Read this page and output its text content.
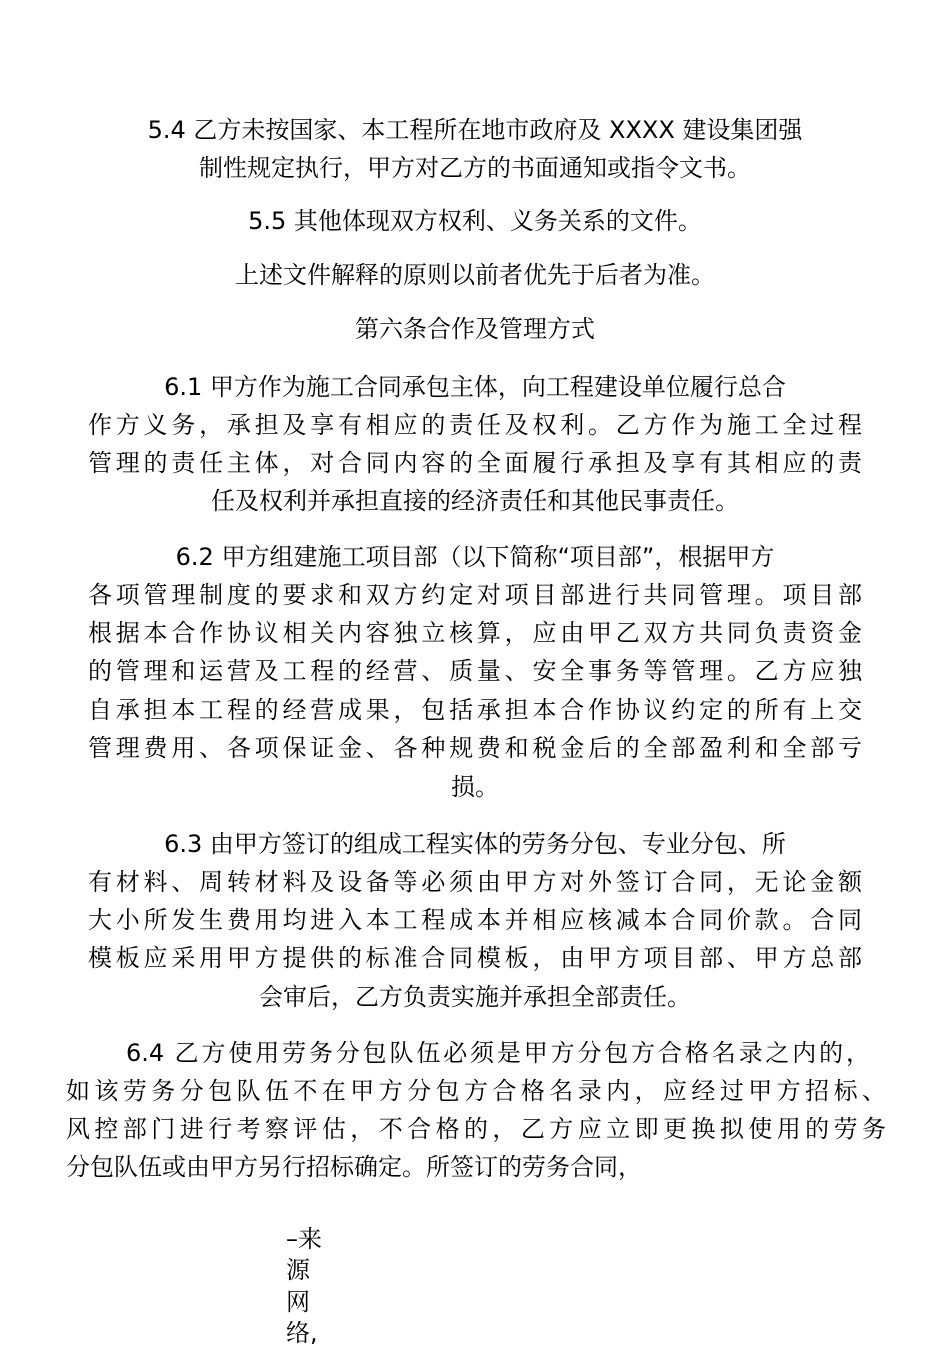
5.4 乙方未按国家、本工程所在地市政府及 XXXX 建设集团强
制性规定执行，甲方对乙方的书面通知或指令文书。
5.5 其他体现双方权利、义务关系的文件。
上述文件解释的原则以前者优先于后者为准。
第六条合作及管理方式
6.1 甲方作为施工合同承包主体，向工程建设单位履行总合
作方义务，承担及享有相应的责任及权利。乙方作为施工全过程
管理的责任主体，对合同内容的全面履行承担及享有其相应的责
任及权利并承担直接的经济责任和其他民事责任。
6.2 甲方组建施工项目部（以下简称“项目部”，根据甲方
各项管理制度的要求和双方约定对项目部进行共同管理。项目部
根据本合作协议相关内容独立核算，应由甲乙双方共同负责资金
的管理和运营及工程的经营、质量、安全事务等管理。乙方应独
自承担本工程的经营成果，包括承担本合作协议约定的所有上交
管理费用、各项保证金、各种规费和税金后的全部盈利和全部亏
损。
6.3 由甲方签订的组成工程实体的劳务分包、专业分包、所
有材料、周转材料及设备等必须由甲方对外签订合同，无论金额
大小所发生费用均进入本工程成本并相应核减本合同价款。合同
模板应采用甲方提供的标准合同模板，由甲方项目部、甲方总部
会审后，乙方负责实施并承担全部责任。
6.4 乙方使用劳务分包队伍必须是甲方分包方合格名录之内的，
如该劳务分包队伍不在甲方分包方合格名录内，应经过甲方招标、
风控部门进行考察评估，不合格的，乙方应立即更换拟使用的劳务
分包队伍或由甲方另行招标确定。所签订的劳务合同，
–来
源
网
络,
